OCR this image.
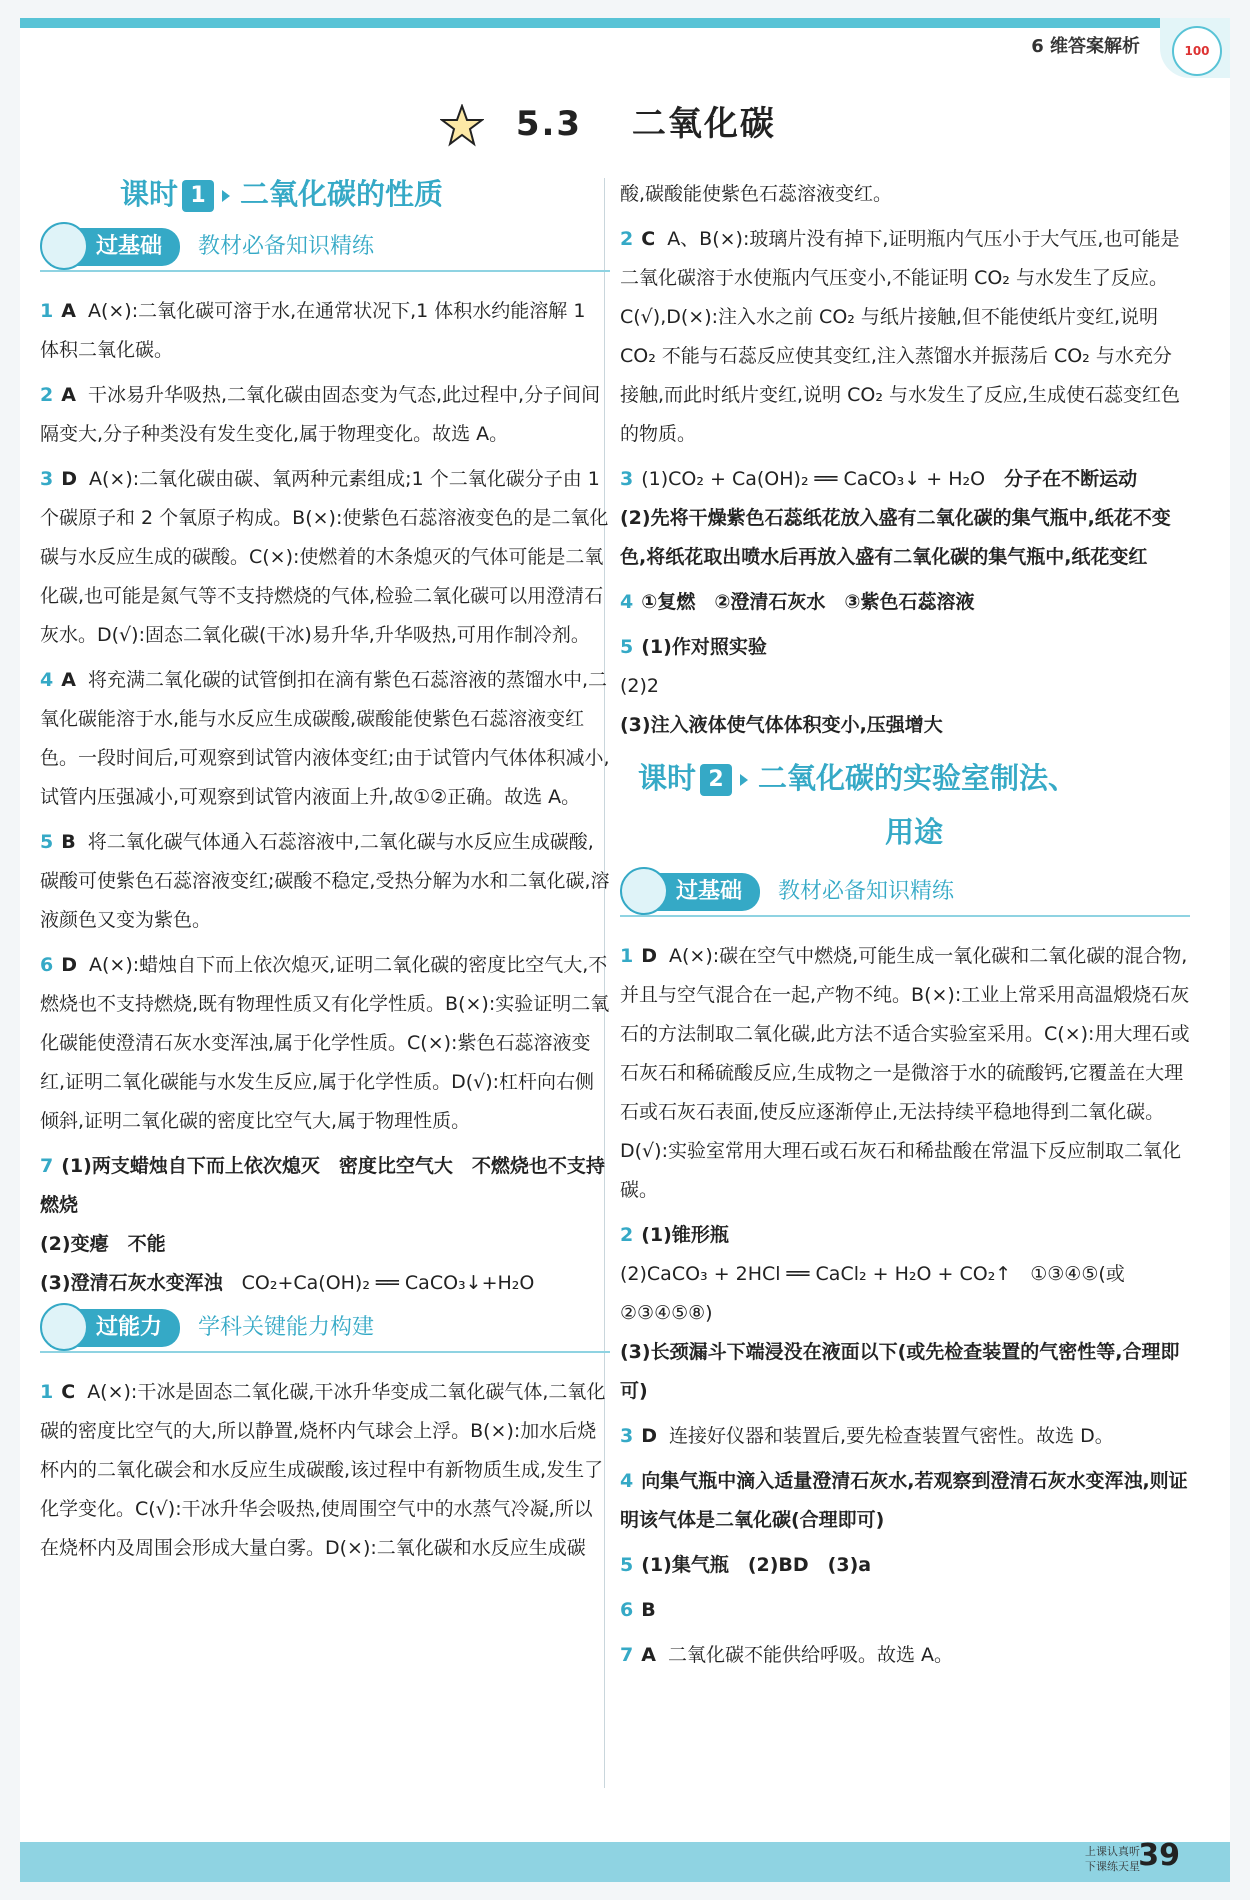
6 维答案解析	100
5.3 二氧化碳
课时 1 二氧化碳的性质
过基础 教材必备知识精练
1 A A(×):二氧化碳可溶于水,在通常状况下,1 体积水约能溶解 1 体积二氧化碳。
2 A 干冰易升华吸热,二氧化碳由固态变为气态,此过程中,分子间间隔变大,分子种类没有发生变化,属于物理变化。故选 A。
3 D A(×):二氧化碳由碳、氧两种元素组成;1 个二氧化碳分子由 1 个碳原子和 2 个氧原子构成。B(×):使紫色石蕊溶液变色的是二氧化碳与水反应生成的碳酸。C(×):使燃着的木条熄灭的气体可能是二氧化碳,也可能是氮气等不支持燃烧的气体,检验二氧化碳可以用澄清石灰水。D(√):固态二氧化碳(干冰)易升华,升华吸热,可用作制冷剂。
4 A 将充满二氧化碳的试管倒扣在滴有紫色石蕊溶液的蒸馏水中,二氧化碳能溶于水,能与水反应生成碳酸,碳酸能使紫色石蕊溶液变红色。一段时间后,可观察到试管内液体变红;由于试管内气体体积减小,试管内压强减小,可观察到试管内液面上升,故①②正确。故选 A。
5 B 将二氧化碳气体通入石蕊溶液中,二氧化碳与水反应生成碳酸,碳酸可使紫色石蕊溶液变红;碳酸不稳定,受热分解为水和二氧化碳,溶液颜色又变为紫色。
6 D A(×):蜡烛自下而上依次熄灭,证明二氧化碳的密度比空气大,不燃烧也不支持燃烧,既有物理性质又有化学性质。B(×):实验证明二氧化碳能使澄清石灰水变浑浊,属于化学性质。C(×):紫色石蕊溶液变红,证明二氧化碳能与水发生反应,属于化学性质。D(√):杠杆向右侧倾斜,证明二氧化碳的密度比空气大,属于物理性质。
7 (1)两支蜡烛自下而上依次熄灭　密度比空气大　不燃烧也不支持燃烧
(2)变瘪　不能
(3)澄清石灰水变浑浊　 CO₂+Ca(OH)₂ ══ CaCO₃↓+H₂O
过能力 学科关键能力构建
1 C A(×):干冰是固态二氧化碳,干冰升华变成二氧化碳气体,二氧化碳的密度比空气的大,所以静置,烧杯内气球会上浮。B(×):加水后烧杯内的二氧化碳会和水反应生成碳酸,该过程中有新物质生成,发生了化学变化。C(√):干冰升华会吸热,使周围空气中的水蒸气冷凝,所以在烧杯内及周围会形成大量白雾。D(×):二氧化碳和水反应生成碳
酸,碳酸能使紫色石蕊溶液变红。
2 C A、B(×):玻璃片没有掉下,证明瓶内气压小于大气压,也可能是二氧化碳溶于水使瓶内气压变小,不能证明 CO₂ 与水发生了反应。C(√),D(×):注入水之前 CO₂ 与纸片接触,但不能使纸片变红,说明 CO₂ 不能与石蕊反应使其变红,注入蒸馏水并振荡后 CO₂ 与水充分接触,而此时纸片变红,说明 CO₂ 与水发生了反应,生成使石蕊变红色的物质。
3 (1)CO₂ + Ca(OH)₂ ══ CaCO₃↓ + H₂O　 分子在不断运动
(2)先将干燥紫色石蕊纸花放入盛有二氧化碳的集气瓶中,纸花不变色,将纸花取出喷水后再放入盛有二氧化碳的集气瓶中,纸花变红
4 ①复燃　②澄清石灰水　③紫色石蕊溶液
5 (1)作对照实验
(2)2
(3)注入液体使气体体积变小,压强增大
课时 2 二氧化碳的实验室制法、
用途
过基础 教材必备知识精练
1 D A(×):碳在空气中燃烧,可能生成一氧化碳和二氧化碳的混合物,并且与空气混合在一起,产物不纯。B(×):工业上常采用高温煅烧石灰石的方法制取二氧化碳,此方法不适合实验室采用。C(×):用大理石或石灰石和稀硫酸反应,生成物之一是微溶于水的硫酸钙,它覆盖在大理石或石灰石表面,使反应逐渐停止,无法持续平稳地得到二氧化碳。D(√):实验室常用大理石或石灰石和稀盐酸在常温下反应制取二氧化碳。
2 (1)锥形瓶
(2)CaCO₃ + 2HCl ══ CaCl₂ + H₂O + CO₂↑　①③④⑤(或②③④⑤⑧)
(3)长颈漏斗下端浸没在液面以下(或先检查装置的气密性等,合理即可)
3 D 连接好仪器和装置后,要先检查装置气密性。故选 D。
4 向集气瓶中滴入适量澄清石灰水,若观察到澄清石灰水变浑浊,则证明该气体是二氧化碳(合理即可)
5 (1)集气瓶　(2)BD　(3)a
6 B
7 A 二氧化碳不能供给呼吸。故选 A。
上课认真听
下课练天星
39
